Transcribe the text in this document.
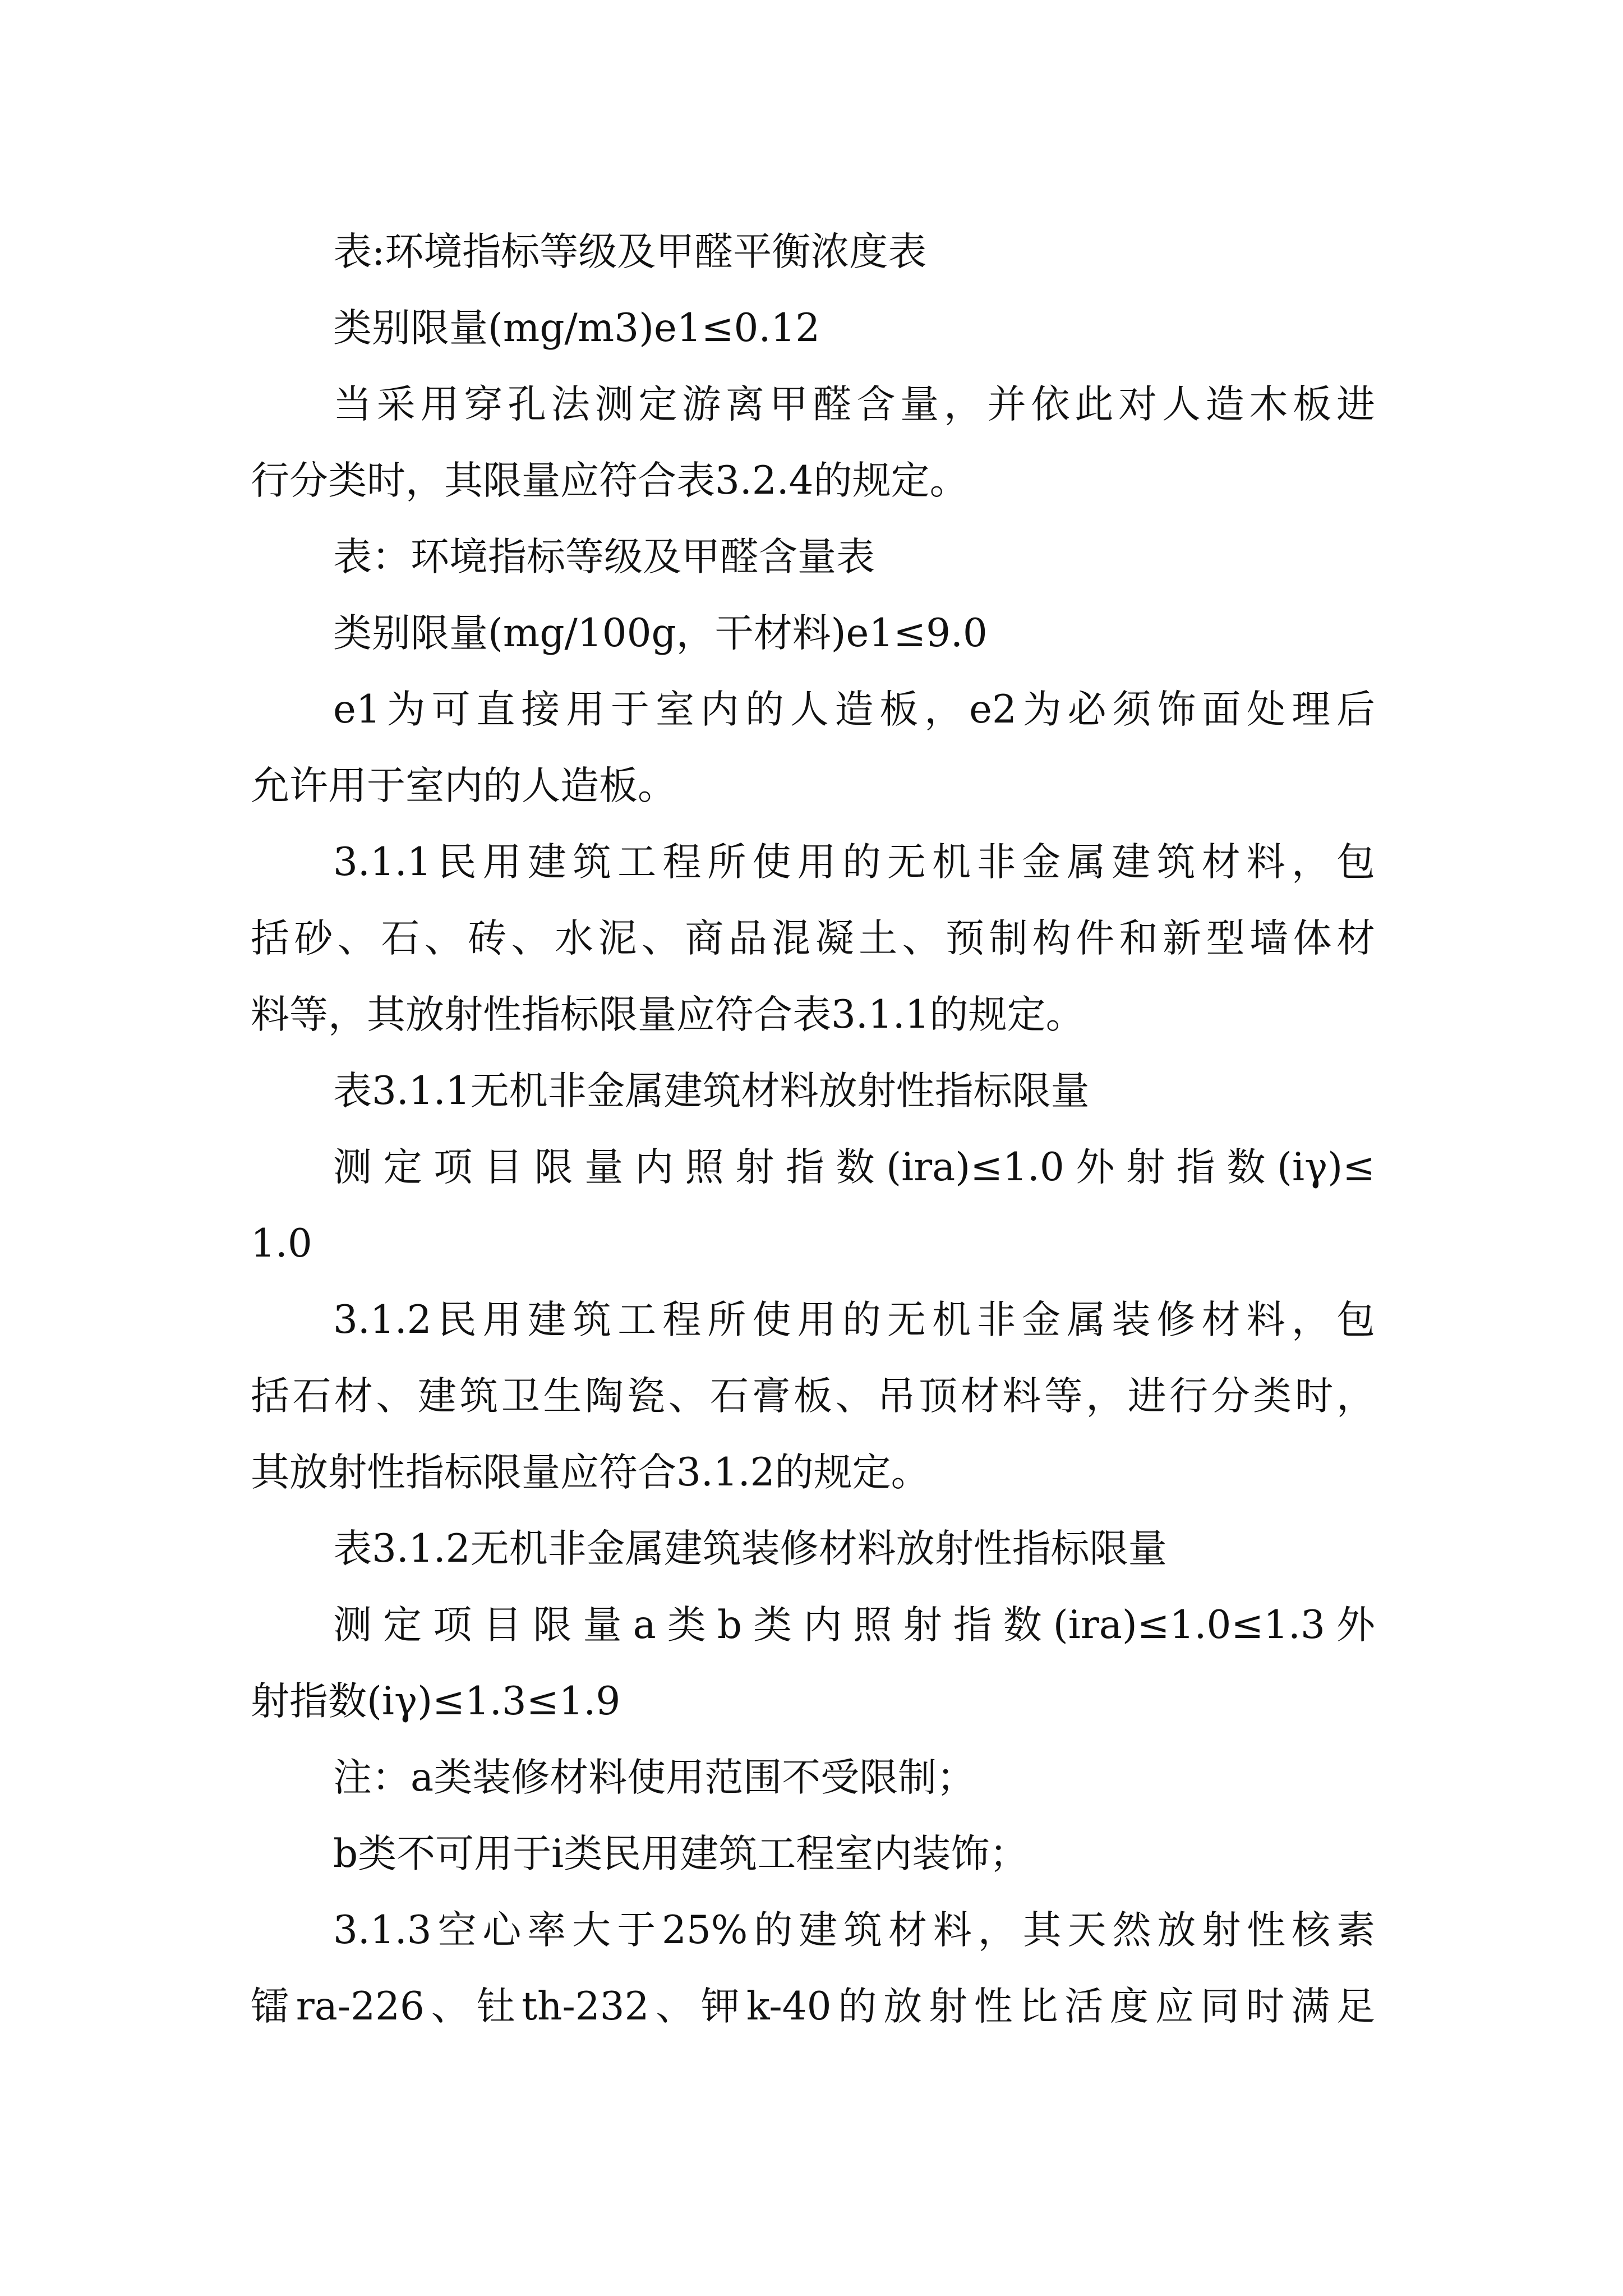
表:环境指标等级及甲醛平衡浓度表
类别限量(mg/m3)e1≤0.12
当采用穿孔法测定游离甲醛含量，并依此对人造木板进
行分类时，其限量应符合表3.2.4的规定。
表：环境指标等级及甲醛含量表
类别限量(mg/100g，干材料)e1≤9.0
e1为可直接用于室内的人造板，e2为必须饰面处理后
允许用于室内的人造板。
3.1.1民用建筑工程所使用的无机非金属建筑材料，包
括砂、石、砖、水泥、商品混凝土、预制构件和新型墙体材
料等，其放射性指标限量应符合表3.1.1的规定。
表3.1.1无机非金属建筑材料放射性指标限量
测定项目限量内照射指数(ira)≤1.0外射指数(iγ)≤
1.0
3.1.2民用建筑工程所使用的无机非金属装修材料，包
括石材、建筑卫生陶瓷、石膏板、吊顶材料等，进行分类时，
其放射性指标限量应符合3.1.2的规定。
表3.1.2无机非金属建筑装修材料放射性指标限量
测定项目限量a类b类内照射指数(ira)≤1.0≤1.3外
射指数(iγ)≤1.3≤1.9
注：a类装修材料使用范围不受限制；
b类不可用于i类民用建筑工程室内装饰；
3.1.3空心率大于25%的建筑材料，其天然放射性核素
镭ra-226、钍th-232、钾k-40的放射性比活度应同时满足
